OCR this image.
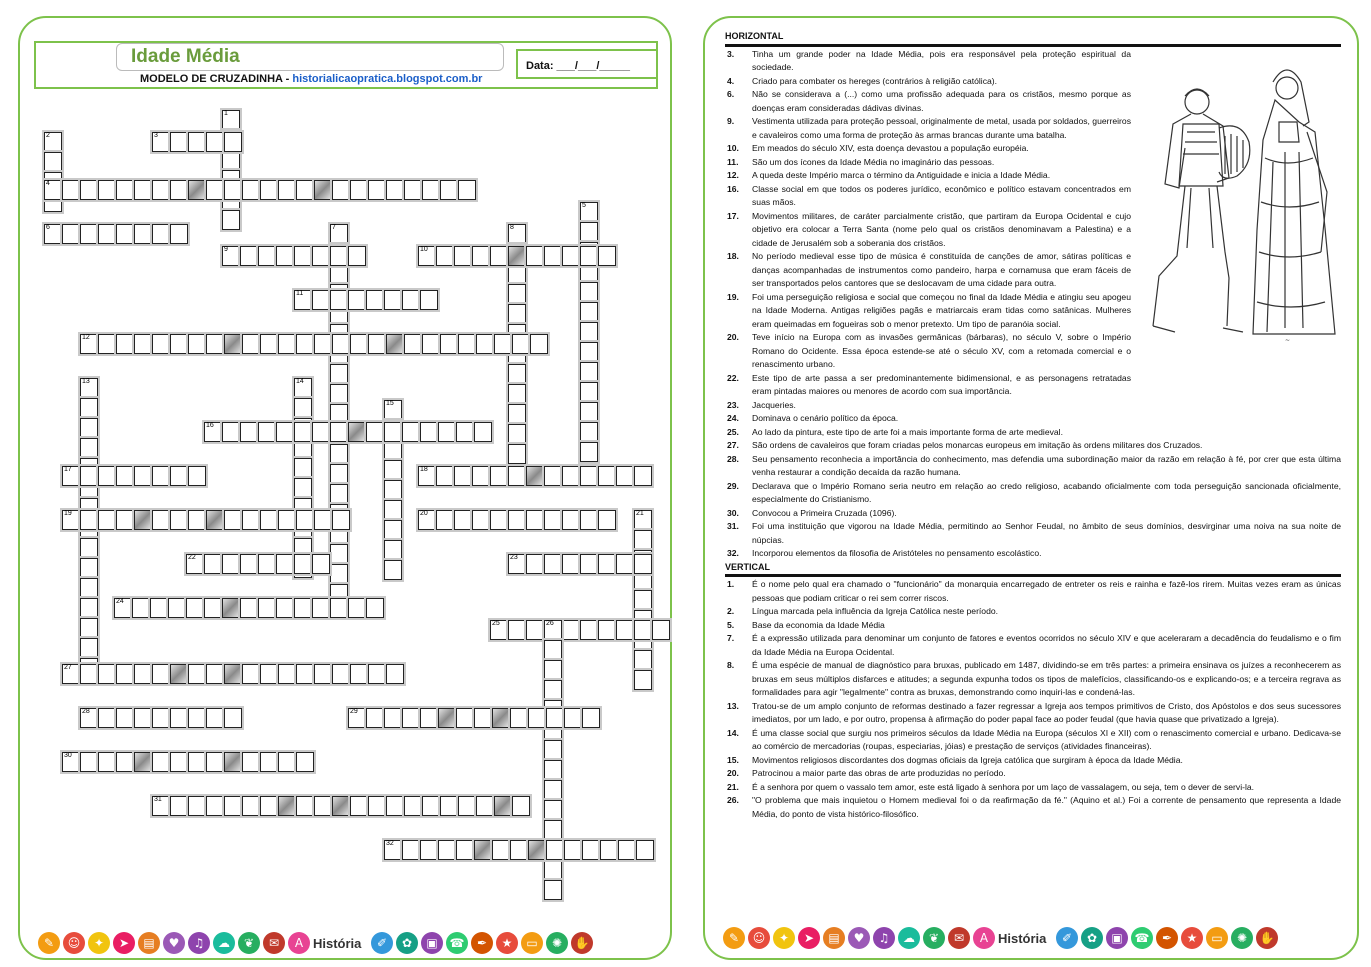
Idade Média
MODELO DE CRUZADINHA - historialicaopratica.blogspot.com.br
Data: ___/___/_____
1
2	3
4
5
6	7	8
9	10
11
12
13	14
15
16
17	18
19	20	21
22	23
24
25	26
27
28	29
30
31
32
✎	☺	✦	➤	▤	♥	♫	☁	❦	✉	A História	✐	✿	▣ ☎	✒	★	▭	✺	✋
HORIZONTAL
3.	Tinha um grande poder na Idade Média, pois era responsável pela proteção espiritual da sociedade.
4.	Criado para combater os hereges (contrários à religião católica).
6.	Não se considerava a (...) como uma profissão adequada para os cristãos, mesmo porque as doenças eram consideradas dádivas divinas.
9.	Vestimenta utilizada para proteção pessoal, originalmente de metal, usada por soldados, guerreiros e cavaleiros como uma forma de proteção às armas brancas durante uma batalha.
10.	Em meados do século XIV, esta doença devastou a população européia.
11.	São um dos ícones da Idade Média no imaginário das pessoas.
12.	A queda deste Império marca o término da Antiguidade e inicia a Idade Média.
16.	Classe social em que todos os poderes jurídico, econômico e político estavam concentrados em suas mãos.
17.	Movimentos militares, de caráter parcialmente cristão, que partiram da Europa Ocidental e cujo objetivo era colocar a Terra Santa (nome pelo qual os cristãos denominavam a Palestina) e a cidade de Jerusalém sob a soberania dos cristãos.
18.	No período medieval esse tipo de música é constituída de canções de amor, sátiras políticas e danças acompanhadas de instrumentos como pandeiro, harpa e cornamusa que eram fáceis de ser transportados pelos cantores que se deslocavam de uma cidade para outra.
19.	Foi uma perseguição religiosa e social que começou no final da Idade Média e atingiu seu apogeu na Idade Moderna. Antigas religiões pagãs e matriarcais eram tidas como satânicas. Mulheres eram queimadas em fogueiras sob o menor pretexto. Um tipo de paranóia social.
20.	Teve início na Europa com as invasões germânicas (bárbaras), no século V, sobre o Império Romano do Ocidente. Essa época estende-se até o século XV, com a retomada comercial e o renascimento urbano.
22.	Este tipo de arte passa a ser predominantemente bidimensional, e as personagens retratadas eram pintadas maiores ou menores de acordo com sua importância.
23.	Jacqueries.
24.	Dominava o cenário político da época.
25.	Ao lado da pintura, este tipo de arte foi a mais importante forma de arte medieval.
27.	São ordens de cavaleiros que foram criadas pelos monarcas europeus em imitação às ordens militares dos Cruzados.
28.	Seu pensamento reconhecia a importância do conhecimento, mas defendia uma subordinação maior da razão em relação à fé, por crer que esta última venha restaurar a condição decaída da razão humana.
29.	Declarava que o Império Romano seria neutro em relação ao credo religioso, acabando oficialmente com toda perseguição sancionada oficialmente, especialmente do Cristianismo.
30.	Convocou a Primeira Cruzada (1096).
31.	Foi uma instituição que vigorou na Idade Média, permitindo ao Senhor Feudal, no âmbito de seus domínios, desvirginar uma noiva na sua noite de núpcias.
32.	Incorporou elementos da filosofia de Aristóteles no pensamento escolástico.
VERTICAL
1.	É o nome pelo qual era chamado o "funcionário" da monarquia encarregado de entreter os reis e rainha e fazê-los rirem. Muitas vezes eram as únicas pessoas que podiam criticar o rei sem correr riscos.
2.	Língua marcada pela influência da Igreja Católica neste período.
5.	Base da economia da Idade Média
7.	É a expressão utilizada para denominar um conjunto de fatores e eventos ocorridos no século XIV e que aceleraram a decadência do feudalismo e o fim da Idade Média na Europa Ocidental.
8.	É uma espécie de manual de diagnóstico para bruxas, publicado em 1487, dividindo-se em três partes: a primeira ensinava os juízes a reconhecerem as bruxas em seus múltiplos disfarces e atitudes; a segunda expunha todos os tipos de malefícios, classificando-os e explicando-os; e a terceira regrava as formalidades para agir "legalmente" contra as bruxas, demonstrando como inquiri-las e condená-las.
13.	Tratou-se de um amplo conjunto de reformas destinado a fazer regressar a Igreja aos tempos primitivos de Cristo, dos Apóstolos e dos seus sucessores imediatos, por um lado, e por outro, propensa à afirmação do poder papal face ao poder feudal (que havia quase que privatizado a Igreja).
14.	É uma classe social que surgiu nos primeiros séculos da Idade Média na Europa (séculos XI e XII) com o renascimento comercial e urbano. Dedicava-se ao comércio de mercadorias (roupas, especiarias, jóias) e prestação de serviços (atividades financeiras).
15.	Movimentos religiosos discordantes dos dogmas oficiais da Igreja católica que surgiram à época da Idade Média.
20.	Patrocinou a maior parte das obras de arte produzidas no período.
21.	É a senhora por quem o vassalo tem amor, este está ligado à senhora por um laço de vassalagem, ou seja, tem o dever de servi-la.
26.	"O problema que mais inquietou o Homem medieval foi o da reafirmação da fé." (Aquino et al.) Foi a corrente de pensamento que representa a Idade Média, do ponto de vista histórico-filosófico.
~
✎	☺	✦	➤	▤	♥	♫	☁	❦	✉	A História	✐	✿	▣ ☎	✒	★	▭	✺	✋
